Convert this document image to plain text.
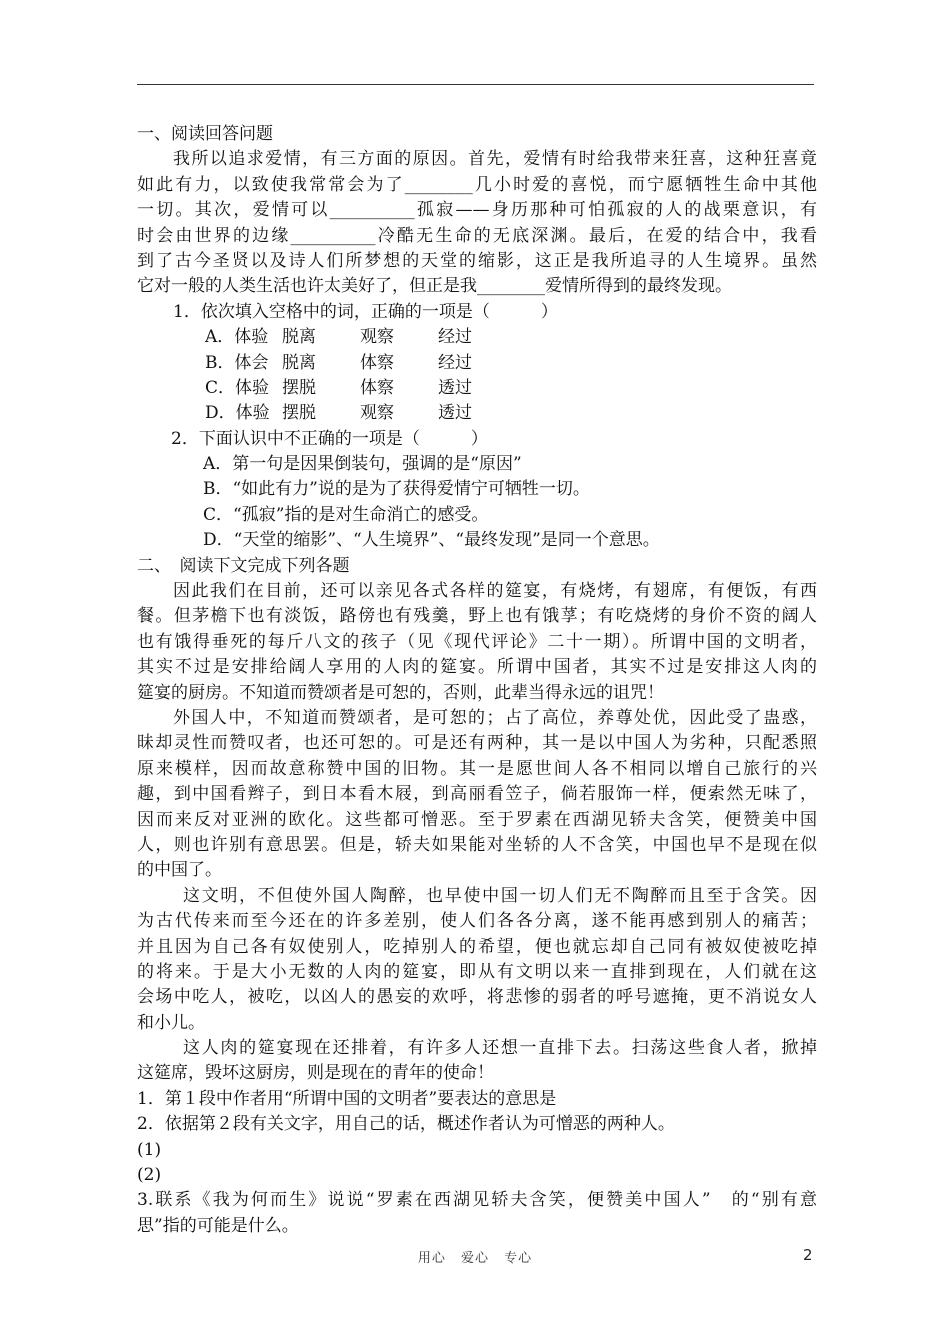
一、阅读回答问题
我所以追求爱情，有三方面的原因。首先，爱情有时给我带来狂喜，这种狂喜竟
如此有力，以致使我常常会为了________几小时爱的喜悦，而宁愿牺牲生命中其他
一切。其次，爱情可以__________孤寂——身历那种可怕孤寂的人的战栗意识，有
时会由世界的边缘__________冷酷无生命的无底深渊。最后，在爱的结合中，我看
到了古今圣贤以及诗人们所梦想的天堂的缩影，这正是我所追寻的人生境界。虽然
它对一般的人类生活也许太美好了，但正是我________爱情所得到的最终发现。
1．依次填入空格中的词，正确的一项是（　　　）
A．体验 脱离	观察	经过
B．体会 脱离	体察	经过
C．体验 摆脱	体察	透过
D．体验 摆脱	观察	透过
2．下面认识中不正确的一项是（　　　）
A．第一句是因果倒装句，强调的是“原因”
B．“如此有力”说的是为了获得爱情宁可牺牲一切。
C．“孤寂”指的是对生命消亡的感受。
D．“天堂的缩影”、“人生境界”、“最终发现”是同一个意思。
二、　阅读下文完成下列各题
因此我们在目前，还可以亲见各式各样的筵宴，有烧烤，有翅席，有便饭，有西
餐。但茅檐下也有淡饭，路傍也有残羹，野上也有饿莩；有吃烧烤的身价不资的阔人
也有饿得垂死的每斤八文的孩子（见《现代评论》二十一期）。所谓中国的文明者，
其实不过是安排给阔人享用的人肉的筵宴。所谓中国者，其实不过是安排这人肉的
筵宴的厨房。不知道而赞颂者是可恕的，否则，此辈当得永远的诅咒！
外国人中，不知道而赞颂者，是可恕的；占了高位，养尊处优，因此受了蛊惑，
昧却灵性而赞叹者，也还可恕的。可是还有两种，其一是以中国人为劣种，只配悉照
原来模样，因而故意称赞中国的旧物。其一是愿世间人各不相同以增自己旅行的兴
趣，到中国看辫子，到日本看木屐，到高丽看笠子，倘若服饰一样，便索然无味了，
因而来反对亚洲的欧化。这些都可憎恶。至于罗素在西湖见轿夫含笑，便赞美中国
人，则也许别有意思罢。但是，轿夫如果能对坐轿的人不含笑，中国也早不是现在似
的中国了。
这文明，不但使外国人陶醉，也早使中国一切人们无不陶醉而且至于含笑。因
为古代传来而至今还在的许多差别，使人们各各分离，遂不能再感到别人的痛苦；
并且因为自己各有奴使别人，吃掉别人的希望，便也就忘却自己同有被奴使被吃掉
的将来。于是大小无数的人肉的筵宴，即从有文明以来一直排到现在，人们就在这
会场中吃人，被吃，以凶人的愚妄的欢呼，将悲惨的弱者的呼号遮掩，更不消说女人
和小儿。
这人肉的筵宴现在还排着，有许多人还想一直排下去。扫荡这些食人者，掀掉
这筵席，毁坏这厨房，则是现在的青年的使命！
1．第１段中作者用“所谓中国的文明者”要表达的意思是
2．依据第２段有关文字，用自己的话，概述作者认为可憎恶的两种人。
(1)
(2)
3.联系《我为何而生》说说“罗素在西湖见轿夫含笑，便赞美中国人”　的“别有意
思”指的可能是什么。
用心 爱心 专心	2
